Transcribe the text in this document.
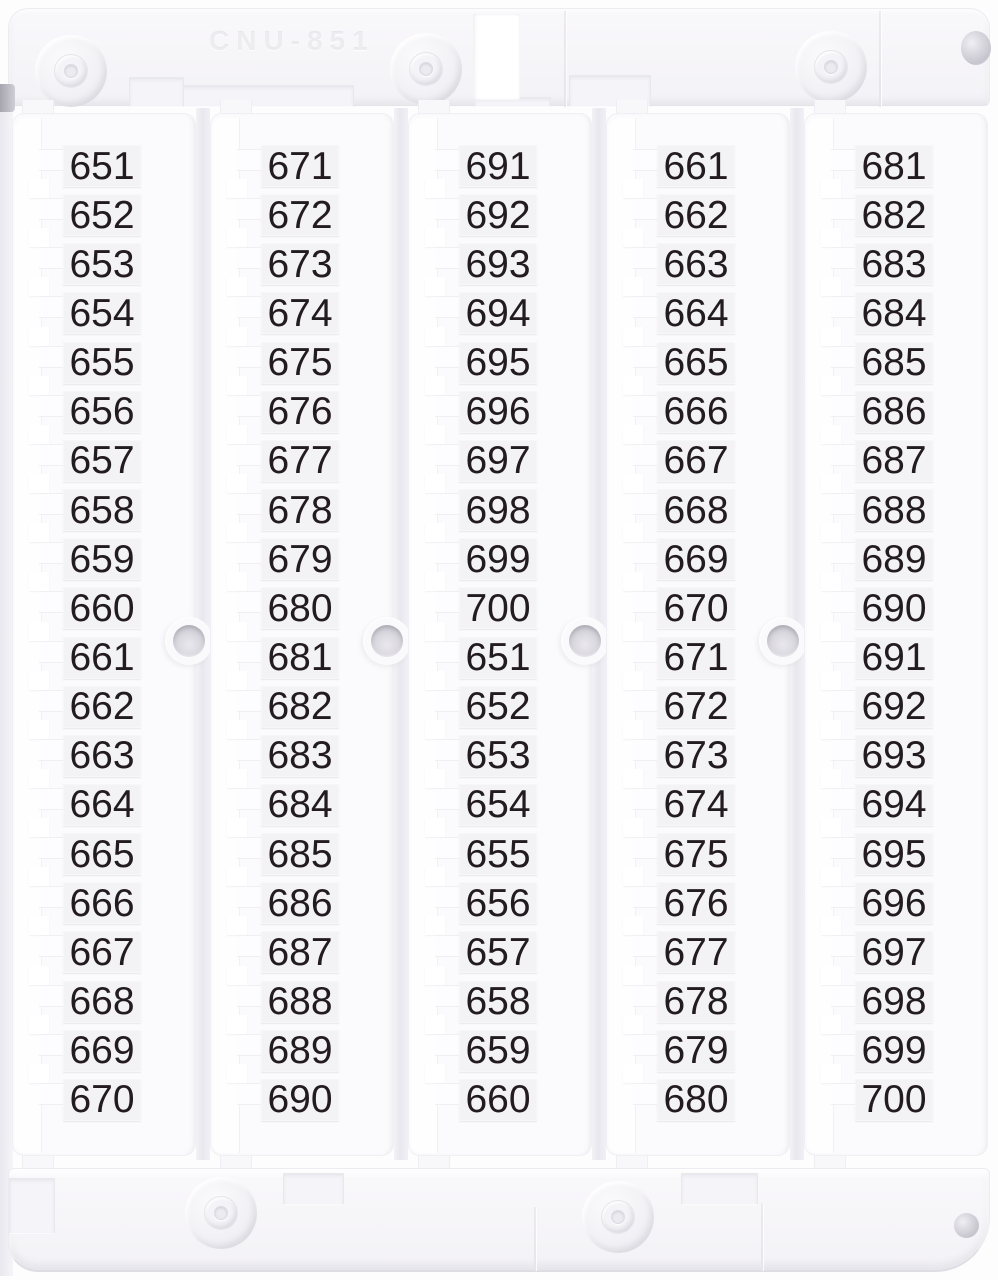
CNU-851
651
652
653
654
655
656
657
658
659
660
661
662
663
664
665
666
667
668
669
670
671
672
673
674
675
676
677
678
679
680
681
682
683
684
685
686
687
688
689
690
691
692
693
694
695
696
697
698
699
700
651
652
653
654
655
656
657
658
659
660
661
662
663
664
665
666
667
668
669
670
671
672
673
674
675
676
677
678
679
680
681
682
683
684
685
686
687
688
689
690
691
692
693
694
695
696
697
698
699
700
